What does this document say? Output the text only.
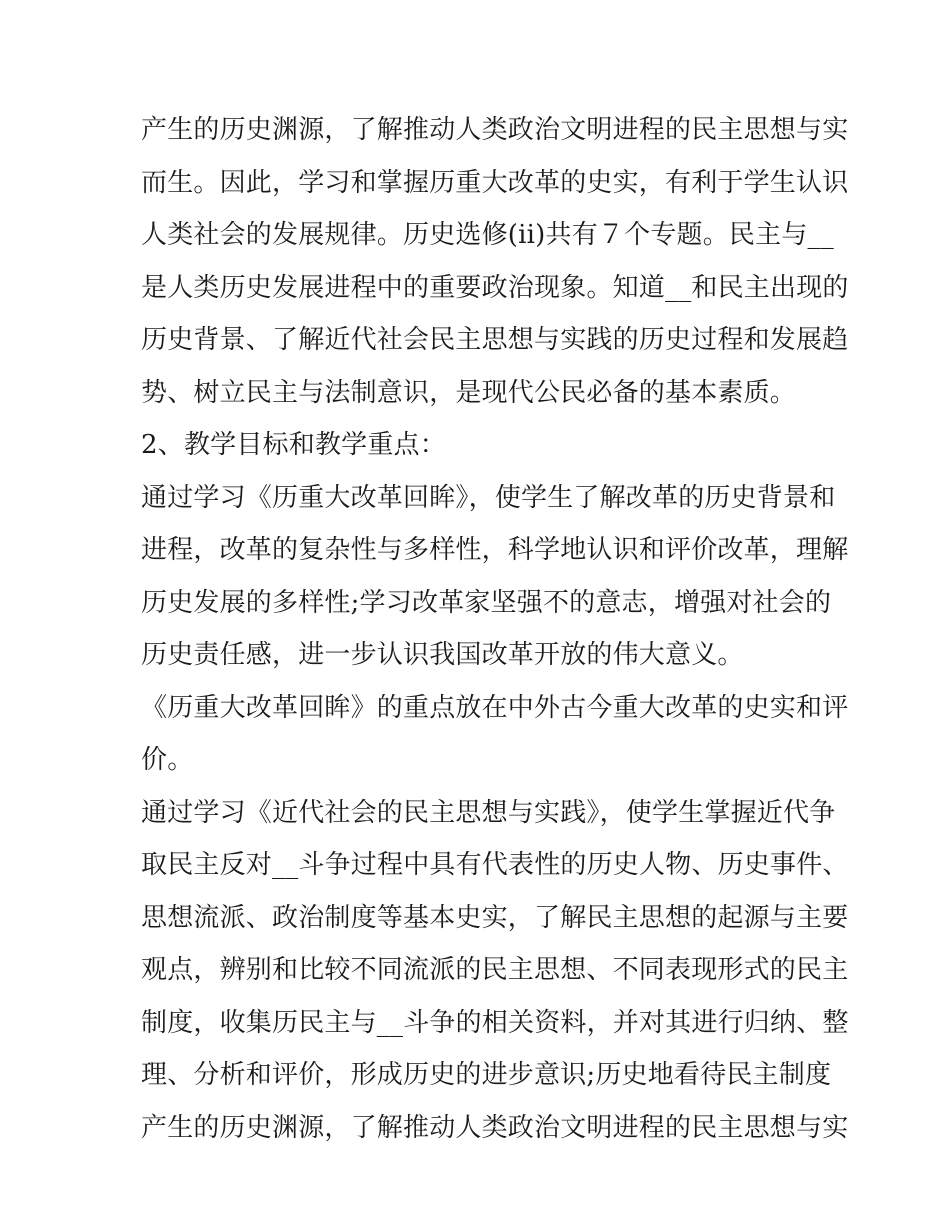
产生的历史渊源，了解推动人类政治文明进程的民主思想与实
而生。因此，学习和掌握历重大改革的史实，有利于学生认识
人类社会的发展规律。历史选修(ii)共有７个专题。民主与__
是人类历史发展进程中的重要政治现象。知道__和民主出现的
历史背景、了解近代社会民主思想与实践的历史过程和发展趋
势、树立民主与法制意识，是现代公民必备的基本素质。
2、教学目标和教学重点：
通过学习《历重大改革回眸》，使学生了解改革的历史背景和
进程，改革的复杂性与多样性，科学地认识和评价改革，理解
历史发展的多样性;学习改革家坚强不的意志，增强对社会的
历史责任感，进一步认识我国改革开放的伟大意义。
《历重大改革回眸》的重点放在中外古今重大改革的史实和评
价。
通过学习《近代社会的民主思想与实践》，使学生掌握近代争
取民主反对__斗争过程中具有代表性的历史人物、历史事件、
思想流派、政治制度等基本史实，了解民主思想的起源与主要
观点，辨别和比较不同流派的民主思想、不同表现形式的民主
制度，收集历民主与__斗争的相关资料，并对其进行归纳、整
理、分析和评价，形成历史的进步意识;历史地看待民主制度
产生的历史渊源，了解推动人类政治文明进程的民主思想与实
